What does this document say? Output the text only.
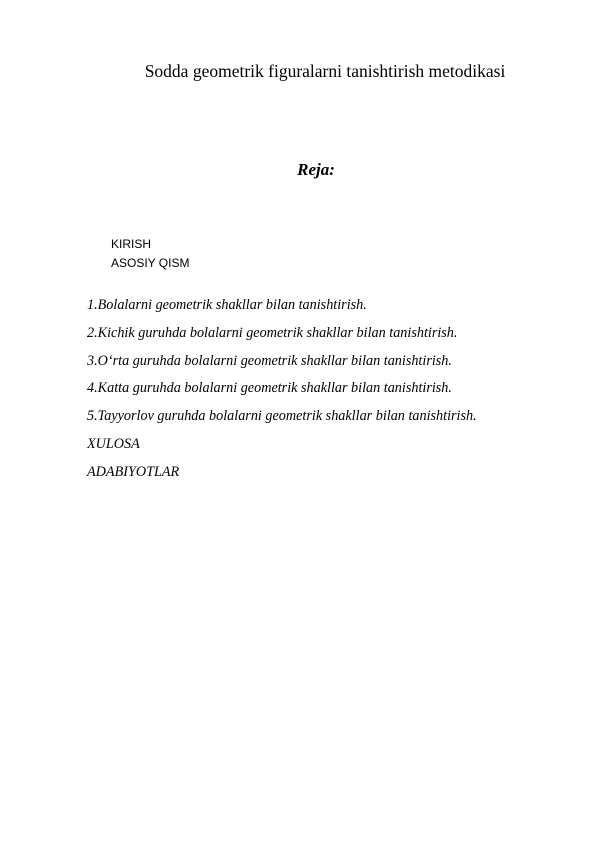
Sodda geometrik figuralarni tanishtirish metodikasi
Reja:
KIRISH
ASOSIY QISM
1.Bolalarni geometrik shakllar bilan tanishtirish.
2.Kichik guruhda bolalarni geometrik shakllar bilan tanishtirish.
3.O‘rta guruhda bolalarni geometrik shakllar bilan tanishtirish.
4.Katta guruhda bolalarni geometrik shakllar bilan tanishtirish.
5.Tayyorlov guruhda bolalarni geometrik shakllar bilan tanishtirish.
XULOSA
ADABIYOTLAR
